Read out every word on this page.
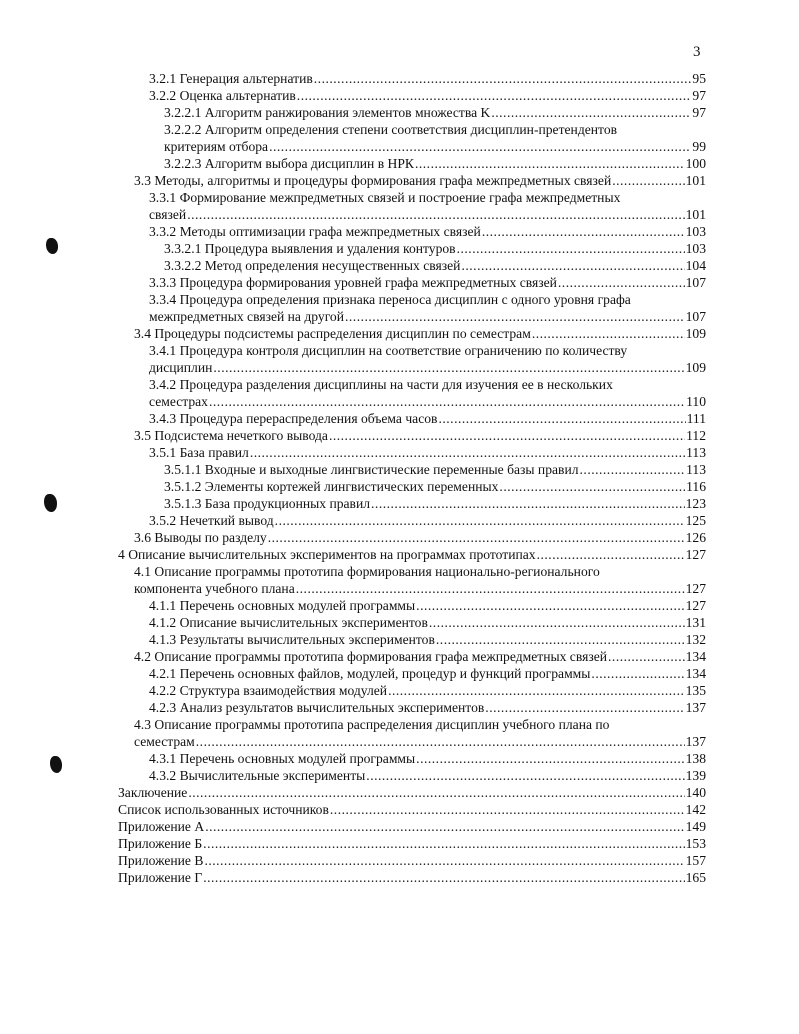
3
3.2.1 Генерация альтернатив .....	95
3.2.2 Оценка альтернатив .....	97
3.2.2.1 Алгоритм ранжирования элементов множества K .....	97
3.2.2.2 Алгоритм определения степени соответствия дисциплин-претендентов
критериям отбора .....	99
3.2.2.3 Алгоритм выбора дисциплин в НРК .....	100
3.3 Методы, алгоритмы и процедуры формирования графа межпредметных связей .....	101
3.3.1 Формирование межпредметных связей и построение графа межпредметных
связей .....	101
3.3.2 Методы оптимизации графа межпредметных связей .....	103
3.3.2.1 Процедура выявления и удаления контуров .....	103
3.3.2.2 Метод определения несущественных связей .....	104
3.3.3 Процедура формирования уровней графа межпредметных связей .....	107
3.3.4 Процедура определения признака переноса дисциплин с одного уровня графа
межпредметных связей на другой .....	107
3.4 Процедуры подсистемы распределения дисциплин по семестрам .....	109
3.4.1 Процедура контроля дисциплин на соответствие ограничению по количеству
дисциплин .....	109
3.4.2 Процедура разделения дисциплины на части для изучения ее в нескольких
семестрах .....	110
3.4.3 Процедура перераспределения объема часов .....	111
3.5 Подсистема нечеткого вывода .....	112
3.5.1 База правил .....	113
3.5.1.1 Входные и выходные лингвистические переменные базы правил .....	113
3.5.1.2 Элементы кортежей лингвистических переменных .....	116
3.5.1.3 База продукционных правил .....	123
3.5.2 Нечеткий вывод .....	125
3.6 Выводы по разделу .....	126
4 Описание вычислительных экспериментов на программах прототипах .....	127
4.1 Описание программы прототипа формирования национально-регионального
компонента учебного плана .....	127
4.1.1 Перечень основных модулей программы .....	127
4.1.2 Описание вычислительных экспериментов .....	131
4.1.3 Результаты вычислительных экспериментов .....	132
4.2 Описание программы прототипа формирования графа межпредметных связей .....	134
4.2.1 Перечень основных файлов, модулей, процедур и функций программы .....	134
4.2.2 Структура взаимодействия модулей .....	135
4.2.3 Анализ результатов вычислительных экспериментов .....	137
4.3 Описание программы прототипа распределения дисциплин учебного плана по
семестрам .....	137
4.3.1 Перечень основных модулей программы .....	138
4.3.2 Вычислительные эксперименты .....	139
Заключение .....	140
Список использованных источников .....	142
Приложение А .....	149
Приложение Б .....	153
Приложение В .....	157
Приложение Г .....	165
